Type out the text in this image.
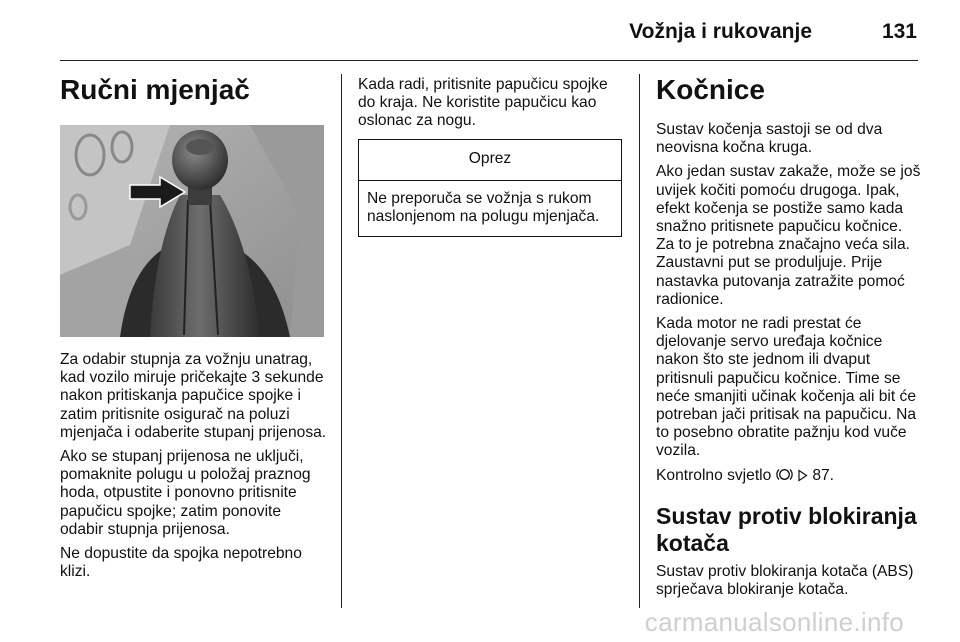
Vožnja i rukovanje	131
Ručni mjenjač

Za odabir stupnja za vožnju unatrag, kad vozilo miruje pričekajte 3 sekunde nakon pritiskanja papučice spojke i zatim pritisnite osigurač na poluzi mjenjača i odaberite stupanj prijenosa.

Ako se stupanj prijenosa ne uključi, pomaknite polugu u položaj praznog hoda, otpustite i ponovno pritisnite papučicu spojke; zatim ponovite odabir stupnja prijenosa.

Ne dopustite da spojka nepotrebno klizi.

Kada radi, pritisnite papučicu spojke do kraja. Ne koristite papučicu kao oslonac za nogu.

Oprez
Ne preporuča se vožnja s rukom naslonjenom na polugu mjenjača.
Kočnice

Sustav kočenja sastoji se od dva neovisna kočna kruga.

Ako jedan sustav zakaže, može se još uvijek kočiti pomoću drugoga. Ipak, efekt kočenja se postiže samo kada snažno pritisnete papučicu kočnice. Za to je potrebna značajno veća sila. Zaustavni put se produljuje. Prije nastavka putovanja zatražite pomoć radionice.

Kada motor ne radi prestat će djelovanje servo uređaja kočnice nakon što ste jednom ili dvaput pritisnuli papučicu kočnice. Time se neće smanjiti učinak kočenja ali bit će potreban jači pritisak na papučicu. Na to posebno obratite pažnju kod vuče vozila.

Kontrolno svjetlo	87.

Sustav protiv blokiranja kotača

Sustav protiv blokiranja kotača (ABS) sprječava blokiranje kotača.

carmanualsonline.info
